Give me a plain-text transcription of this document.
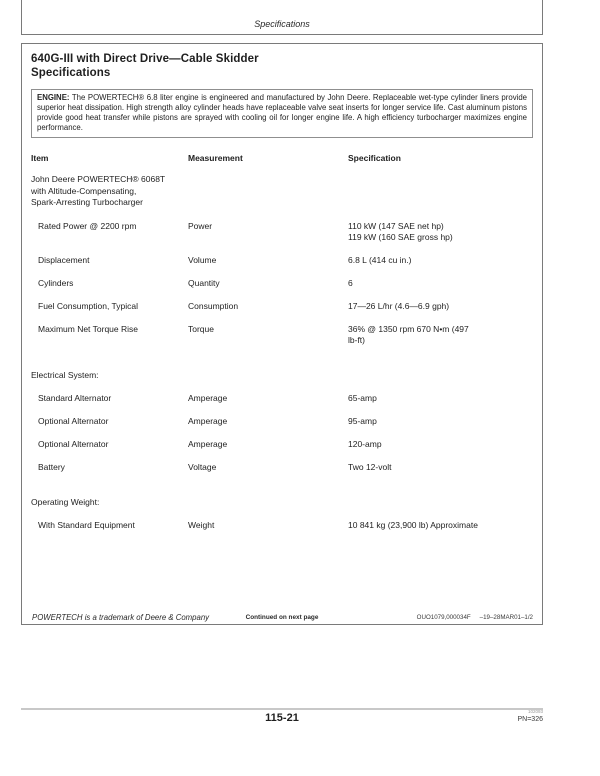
Specifications
640G-III with Direct Drive—Cable Skidder
Specifications
ENGINE: The POWERTECH® 6.8 liter engine is engineered and manufactured by John Deere. Replaceable wet-type cylinder liners provide superior heat dissipation. High strength alloy cylinder heads have replaceable valve seat inserts for longer service life. Cast aluminum pistons provide good heat transfer while pistons are sprayed with cooling oil for longer engine life. A high efficiency turbocharger maximizes engine performance.
Item	Measurement	Specification
John Deere POWERTECH® 6068T
with Altitude-Compensating,
Spark-Arresting Turbocharger
Rated Power @ 2200 rpm	Power	110 kW (147 SAE net hp)
119 kW (160 SAE gross hp)
Displacement	Volume	6.8 L (414 cu in.)
Cylinders	Quantity	6
Fuel Consumption, Typical	Consumption	17—26 L/hr (4.6—6.9 gph)
Maximum Net Torque Rise	Torque	36% @ 1350 rpm 670 N•m (497
lb-ft)
Electrical System:
Standard Alternator	Amperage	65-amp
Optional Alternator	Amperage	95-amp
Optional Alternator	Amperage	120-amp
Battery	Voltage	Two 12-volt
Operating Weight:
With Standard Equipment	Weight	10 841 kg (23,900 lb) Approximate
POWERTECH is a trademark of Deere & Company	Continued on next page	OUO1079,000034F –19–28MAR01–1/2
115-21
102093
PN=326
